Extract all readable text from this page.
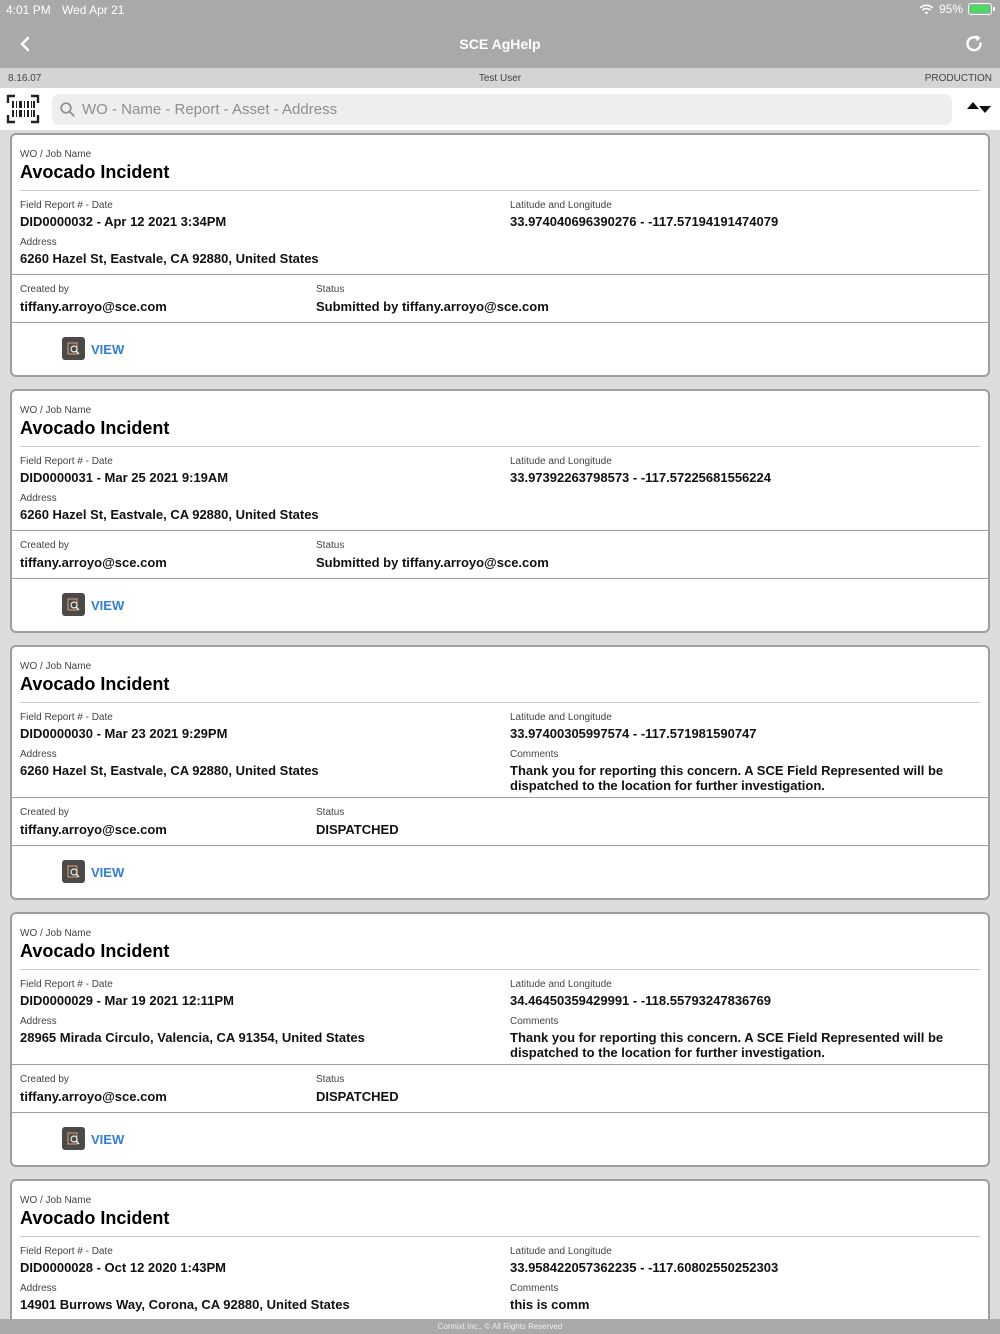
4:01 PM Wed Apr 21	95%
SCE AgHelp
8.16.07	Test User	PRODUCTION
WO - Name - Report - Asset - Address
WO / Job Name
Avocado Incident
Field Report # - Date
DID0000032 - Apr 12 2021 3:34PM
Latitude and Longitude
33.974040696390276 - -117.57194191474079
Address
6260 Hazel St, Eastvale, CA 92880, United States
Created by
tiffany.arroyo@sce.com
Status
Submitted by tiffany.arroyo@sce.com
VIEW
WO / Job Name
Avocado Incident
Field Report # - Date
DID0000031 - Mar 25 2021 9:19AM
Latitude and Longitude
33.97392263798573 - -117.57225681556224
Address
6260 Hazel St, Eastvale, CA 92880, United States
Created by
tiffany.arroyo@sce.com
Status
Submitted by tiffany.arroyo@sce.com
VIEW
WO / Job Name
Avocado Incident
Field Report # - Date
DID0000030 - Mar 23 2021 9:29PM
Latitude and Longitude
33.97400305997574 - -117.571981590747
Address
6260 Hazel St, Eastvale, CA 92880, United States
Comments
Thank you for reporting this concern. A SCE Field Represented will be dispatched to the location for further investigation.
Created by
tiffany.arroyo@sce.com
Status
DISPATCHED
VIEW
WO / Job Name
Avocado Incident
Field Report # - Date
DID0000029 - Mar 19 2021 12:11PM
Latitude and Longitude
34.46450359429991 - -118.55793247836769
Address
28965 Mirada Circulo, Valencia, CA 91354, United States
Comments
Thank you for reporting this concern. A SCE Field Represented will be dispatched to the location for further investigation.
Created by
tiffany.arroyo@sce.com
Status
DISPATCHED
VIEW
WO / Job Name
Avocado Incident
Field Report # - Date
DID0000028 - Oct 12 2020 1:43PM
Latitude and Longitude
33.958422057362235 - -117.60802550252303
Address
14901 Burrows Way, Corona, CA 92880, United States
Comments
this is comm
Connixt Inc., © All Rights Reserved
